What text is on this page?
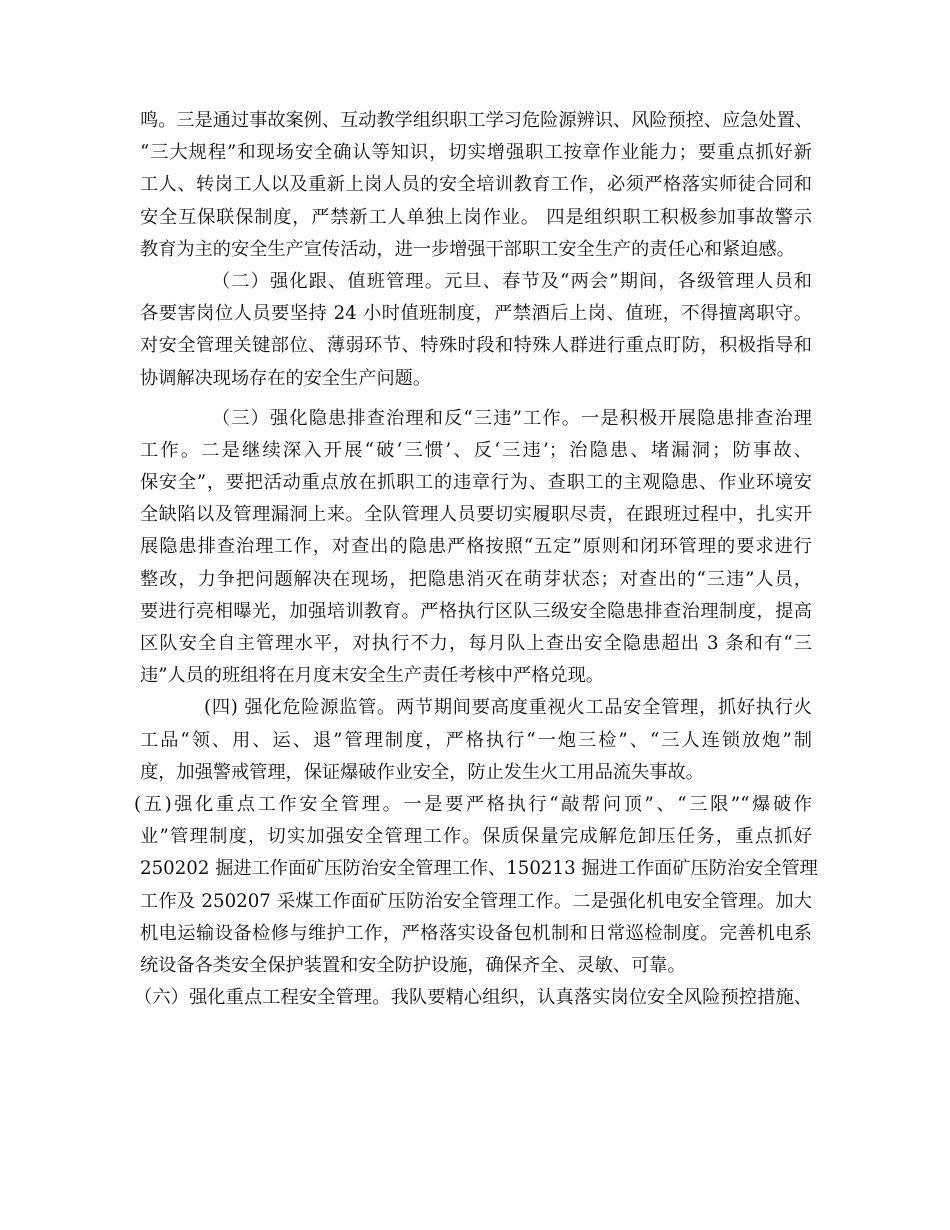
鸣。三是通过事故案例、互动教学组织职工学习危险源辨识、风险预控、应急处置、
“三大规程”和现场安全确认等知识，切实增强职工按章作业能力；要重点抓好新
工人、转岗工人以及重新上岗人员的安全培训教育工作，必须严格落实师徒合同和
安全互保联保制度，严禁新工人单独上岗作业。 四是组织职工积极参加事故警示
教育为主的安全生产宣传活动，进一步增强干部职工安全生产的责任心和紧迫感。
（二）强化跟、值班管理。元旦、春节及“两会”期间，各级管理人员和
各要害岗位人员要坚持 24 小时值班制度，严禁酒后上岗、值班，不得擅离职守。
对安全管理关键部位、薄弱环节、特殊时段和特殊人群进行重点盯防，积极指导和
协调解决现场存在的安全生产问题。
（三）强化隐患排查治理和反“三违”工作。一是积极开展隐患排查治理
工作。二是继续深入开展“破‘三惯’、反‘三违’；治隐患、堵漏洞；防事故、
保安全”，要把活动重点放在抓职工的违章行为、查职工的主观隐患、作业环境安
全缺陷以及管理漏洞上来。全队管理人员要切实履职尽责，在跟班过程中，扎实开
展隐患排查治理工作，对查出的隐患严格按照“五定”原则和闭环管理的要求进行
整改，力争把问题解决在现场，把隐患消灭在萌芽状态；对查出的“三违”人员，
要进行亮相曝光，加强培训教育。严格执行区队三级安全隐患排查治理制度，提高
区队安全自主管理水平，对执行不力，每月队上查出安全隐患超出 3 条和有“三
违”人员的班组将在月度末安全生产责任考核中严格兑现。
(四) 强化危险源监管。两节期间要高度重视火工品安全管理，抓好执行火
工品“领、用、运、退”管理制度，严格执行“一炮三检”、“三人连锁放炮”制
度，加强警戒管理，保证爆破作业安全，防止发生火工用品流失事故。
(五)强化重点工作安全管理。一是要严格执行“敲帮问顶”、“三限”“爆破作
业”管理制度，切实加强安全管理工作。保质保量完成解危卸压任务，重点抓好
250202 掘进工作面矿压防治安全管理工作、150213 掘进工作面矿压防治安全管理
工作及 250207 采煤工作面矿压防治安全管理工作。二是强化机电安全管理。加大
机电运输设备检修与维护工作，严格落实设备包机制和日常巡检制度。完善机电系
统设备各类安全保护装置和安全防护设施，确保齐全、灵敏、可靠。
（六）强化重点工程安全管理。我队要精心组织，认真落实岗位安全风险预控措施、
